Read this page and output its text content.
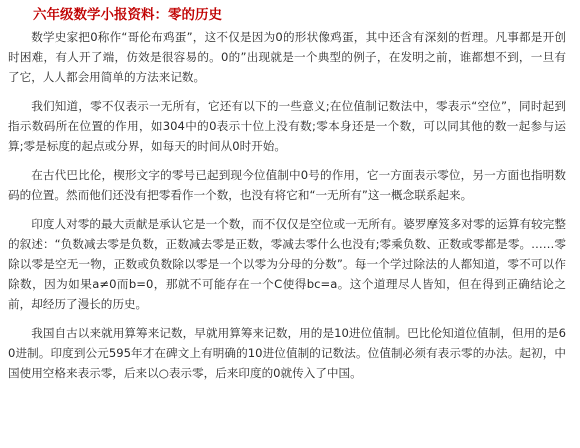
六年级数学小报资料：零的历史

数学史家把0称作“哥伦布鸡蛋”，这不仅是因为0的形状像鸡蛋，其中还含有深刻的哲理。凡事都是开创时困难，有人开了端，仿效是很容易的。0的”出现就是一个典型的例子，在发明之前，谁都想不到，一旦有了它，人人都会用简单的方法来记数。

我们知道，零不仅表示一无所有，它还有以下的一些意义;在位值制记数法中，零表示“空位”，同时起到指示数码所在位置的作用，如304中的0表示十位上没有数;零本身还是一个数，可以同其他的数一起参与运算;零是标度的起点或分界，如每天的时间从0时开始。

在古代巴比伦，楔形文字的零号已起到现今位值制中0号的作用，它一方面表示零位，另一方面也指明数码的位置。然而他们还没有把零看作一个数，也没有将它和“一无所有”这一概念联系起来。

印度人对零的最大贡献是承认它是一个数，而不仅仅是空位或一无所有。婆罗摩笈多对零的运算有较完整的叙述：“负数减去零是负数，正数减去零是正数，零减去零什么也没有;零乘负数、正数或零都是零。……零除以零是空无一物，正数或负数除以零是一个以零为分母的分数”。每一个学过除法的人都知道，零不可以作除数，因为如果a≠0而b=0，那就不可能存在一个C使得bc=a。这个道理尽人皆知，但在得到正确结论之前，却经历了漫长的历史。

我国自古以来就用算筹来记数，早就用算筹来记数，用的是10进位值制。巴比伦知道位值制，但用的是60进制。印度到公元595年才在碑文上有明确的10进位值制的记数法。位值制必须有表示零的办法。起初，中国使用空格来表示零，后来以○表示零，后来印度的0就传入了中国。
